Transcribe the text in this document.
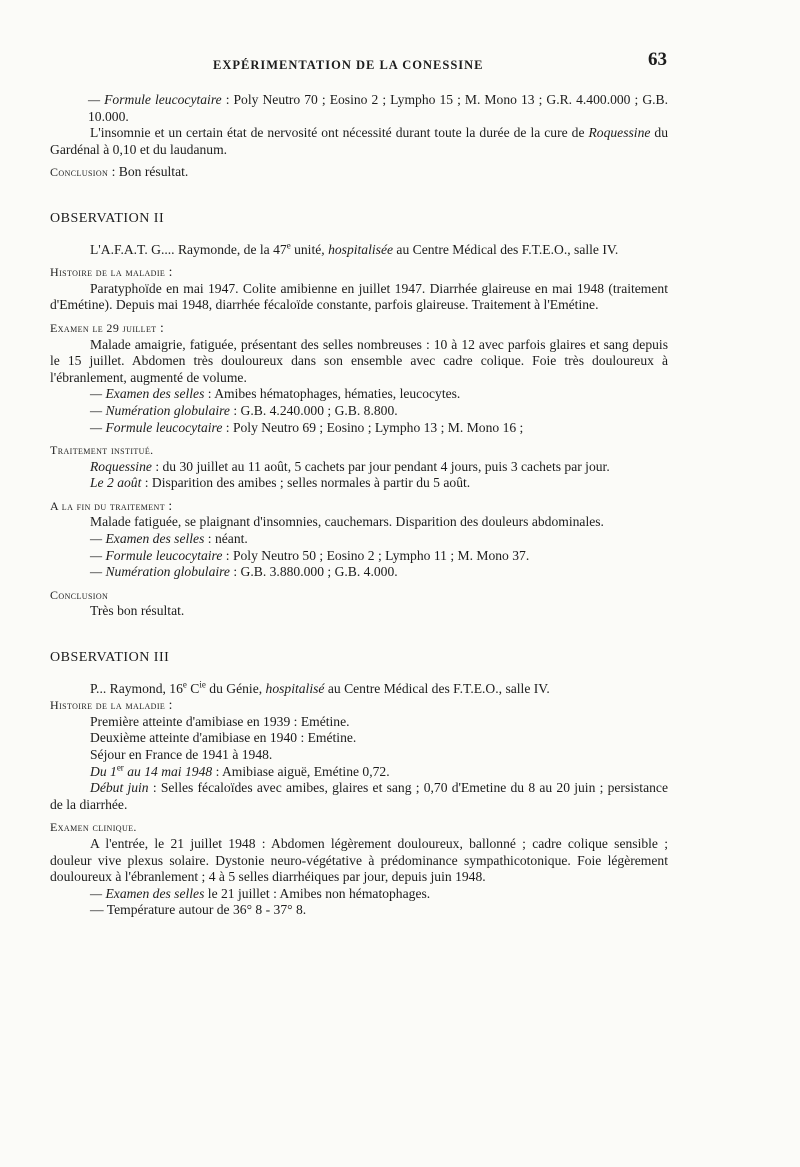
EXPÉRIMENTATION DE LA CONESSINE	63

— Formule leucocytaire : Poly Neutro 70 ; Eosino 2 ; Lympho 15 ; M. Mono 13 ; G.R. 4.400.000 ; G.B. 10.000.

L'insomnie et un certain état de nervosité ont nécessité durant toute la durée de la cure de Roquessine du Gardénal à 0,10 et du laudanum.

Conclusion : Bon résultat.

OBSERVATION II

L'A.F.A.T. G.... Raymonde, de la 47e unité, hospitalisée au Centre Médical des F.T.E.O., salle IV.

Histoire de la maladie :

Paratyphoïde en mai 1947. Colite amibienne en juillet 1947. Diarrhée glaireuse en mai 1948 (traitement d'Emétine). Depuis mai 1948, diarrhée fécaloïde constante, parfois glaireuse. Traitement à l'Emétine.

Examen le 29 juillet :

Malade amaigrie, fatiguée, présentant des selles nombreuses : 10 à 12 avec parfois glaires et sang depuis le 15 juillet. Abdomen très douloureux dans son ensemble avec cadre colique. Foie très douloureux à l'ébranlement, augmenté de volume.

— Examen des selles : Amibes hématophages, hématies, leucocytes.

— Numération globulaire : G.B. 4.240.000 ; G.B. 8.800.

— Formule leucocytaire : Poly Neutro 69 ; Eosino ; Lympho 13 ; M. Mono 16 ;

Traitement institué.

Roquessine : du 30 juillet au 11 août, 5 cachets par jour pendant 4 jours, puis 3 cachets par jour.

Le 2 août : Disparition des amibes ; selles normales à partir du 5 août.

A la fin du traitement :

Malade fatiguée, se plaignant d'insomnies, cauchemars. Disparition des douleurs abdominales.

— Examen des selles : néant.

— Formule leucocytaire : Poly Neutro 50 ; Eosino 2 ; Lympho 11 ; M. Mono 37.

— Numération globulaire : G.B. 3.880.000 ; G.B. 4.000.

Conclusion

Très bon résultat.

OBSERVATION III

P... Raymond, 16e $C^{ie}$ du Génie, hospitalisé au Centre Médical des F.T.E.O., salle IV.

Histoire de la maladie :

Première atteinte d'amibiase en 1939 : Emétine.

Deuxième atteinte d'amibiase en 1940 : Emétine.

Séjour en France de 1941 à 1948.

Du 1er au 14 mai 1948 : Amibiase aiguë, Emétine 0,72.

Début juin : Selles fécaloïdes avec amibes, glaires et sang ; 0,70 d'Emetine du 8 au 20 juin ; persistance de la diarrhée.

Examen clinique.

A l'entrée, le 21 juillet 1948 : Abdomen légèrement douloureux, ballonné ; cadre colique sensible ; douleur vive plexus solaire. Dystonie neuro-végétative à prédominance sympathicotonique. Foie légèrement douloureux à l'ébranlement ; 4 à 5 selles diarrhéiques par jour, depuis juin 1948.

— Examen des selles le 21 juillet : Amibes non hématophages.

— Température autour de 36° 8 - 37° 8.
